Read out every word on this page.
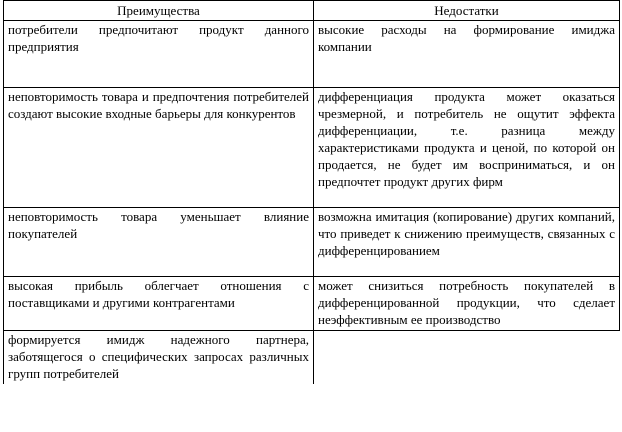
Преимущества	Недостатки

потребители предпочитают продукт данного предприятия	высокие расходы на формирование имиджа компании

неповторимость товара и предпочтения потребителей создают высокие входные барьеры для конкурентов	дифференциация продукта может оказаться чрезмерной, и потребитель не ощутит эффекта дифференциации, т.е. разница между характеристиками продукта и ценой, по которой он продается, не будет им восприниматься, и он предпочтет продукт других фирм

неповторимость товара уменьшает влияние покупателей	возможна имитация (копирование) других компаний, что приведет к снижению преимуществ, связанных с дифференцированием

высокая прибыль облегчает отношения с поставщиками и другими контрагентами	может снизиться потребность покупателей в дифференцированной продукции, что сделает неэффективным ее производство

формируется имидж надежного партнера, заботящегося о специфических запросах различных групп потребителей	
